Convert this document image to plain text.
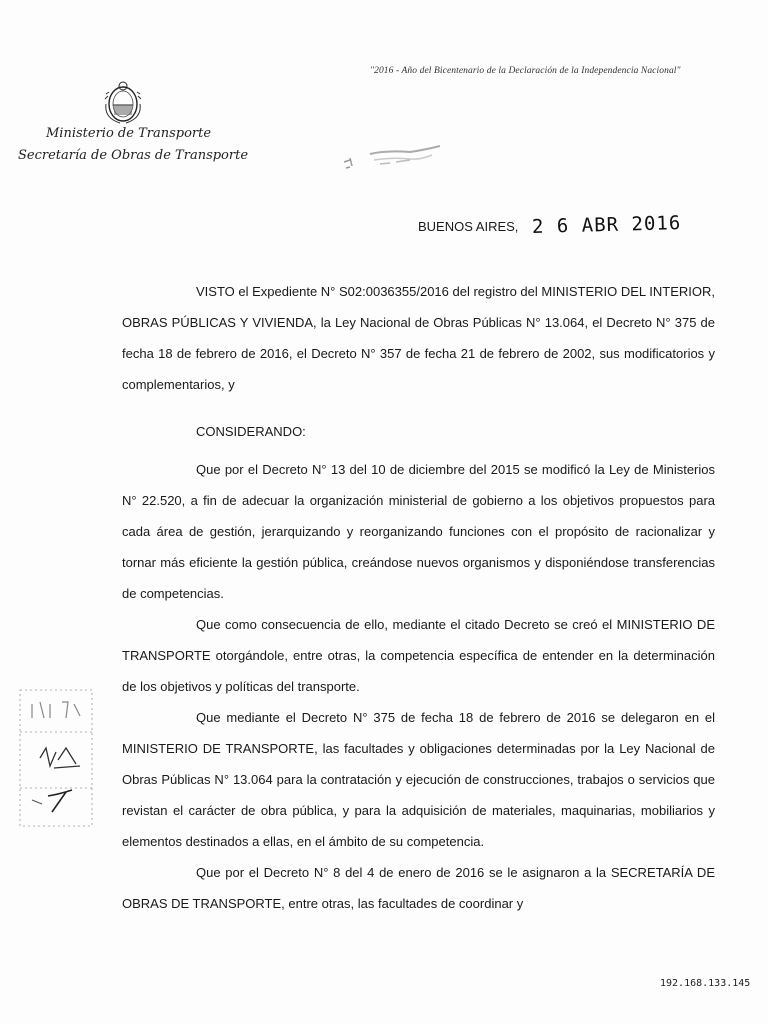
"2016 - Año del Bicentenario de la Declaración de la Independencia Nacional"
Ministerio de Transporte
Secretaría de Obras de Transporte
BUENOS AIRES, 2 6 ABR 2016

VISTO el Expediente N° S02:0036355/2016 del registro del MINISTERIO DEL INTERIOR, OBRAS PÚBLICAS Y VIVIENDA, la Ley Nacional de Obras Públicas N° 13.064, el Decreto N° 375 de fecha 18 de febrero de 2016, el Decreto N° 357 de fecha 21 de febrero de 2002, sus modificatorios y complementarios, y

CONSIDERANDO:

Que por el Decreto N° 13 del 10 de diciembre del 2015 se modificó la Ley de Ministerios N° 22.520, a fin de adecuar la organización ministerial de gobierno a los objetivos propuestos para cada área de gestión, jerarquizando y reorganizando funciones con el propósito de racionalizar y tornar más eficiente la gestión pública, creándose nuevos organismos y disponiéndose transferencias de competencias.

Que como consecuencia de ello, mediante el citado Decreto se creó el MINISTERIO DE TRANSPORTE otorgándole, entre otras, la competencia específica de entender en la determinación de los objetivos y políticas del transporte.

Que mediante el Decreto N° 375 de fecha 18 de febrero de 2016 se delegaron en el MINISTERIO DE TRANSPORTE, las facultades y obligaciones determinadas por la Ley Nacional de Obras Públicas N° 13.064 para la contratación y ejecución de construcciones, trabajos o servicios que revistan el carácter de obra pública, y para la adquisición de materiales, maquinarias, mobiliarios y elementos destinados a ellas, en el ámbito de su competencia.

Que por el Decreto N° 8 del 4 de enero de 2016 se le asignaron a la SECRETARÍA DE OBRAS DE TRANSPORTE, entre otras, las facultades de coordinar y

192.168.133.145
